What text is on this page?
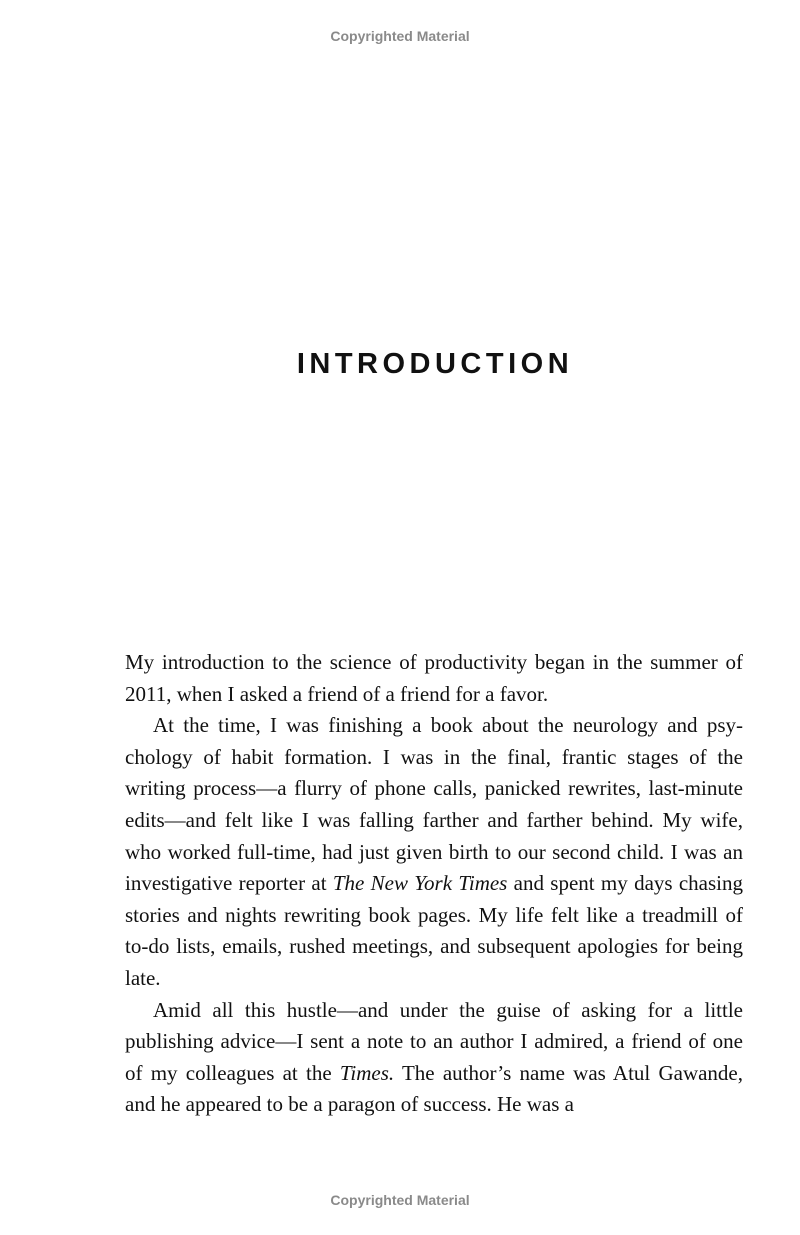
Copyrighted Material
INTRODUCTION

My introduction to the science of productivity began in the summer of 2011, when I asked a friend of a friend for a favor.

At the time, I was finishing a book about the neurology and psychology of habit formation. I was in the final, frantic stages of the writing process—a flurry of phone calls, panicked rewrites, last-minute edits—and felt like I was falling farther and farther behind. My wife, who worked full-time, had just given birth to our second child. I was an investigative reporter at The New York Times and spent my days chasing stories and nights rewriting book pages. My life felt like a treadmill of to-do lists, emails, rushed meetings, and subsequent apologies for being late.

Amid all this hustle—and under the guise of asking for a little publishing advice—I sent a note to an author I admired, a friend of one of my colleagues at the Times. The author’s name was Atul Gawande, and he appeared to be a paragon of success. He was a

Copyrighted Material
